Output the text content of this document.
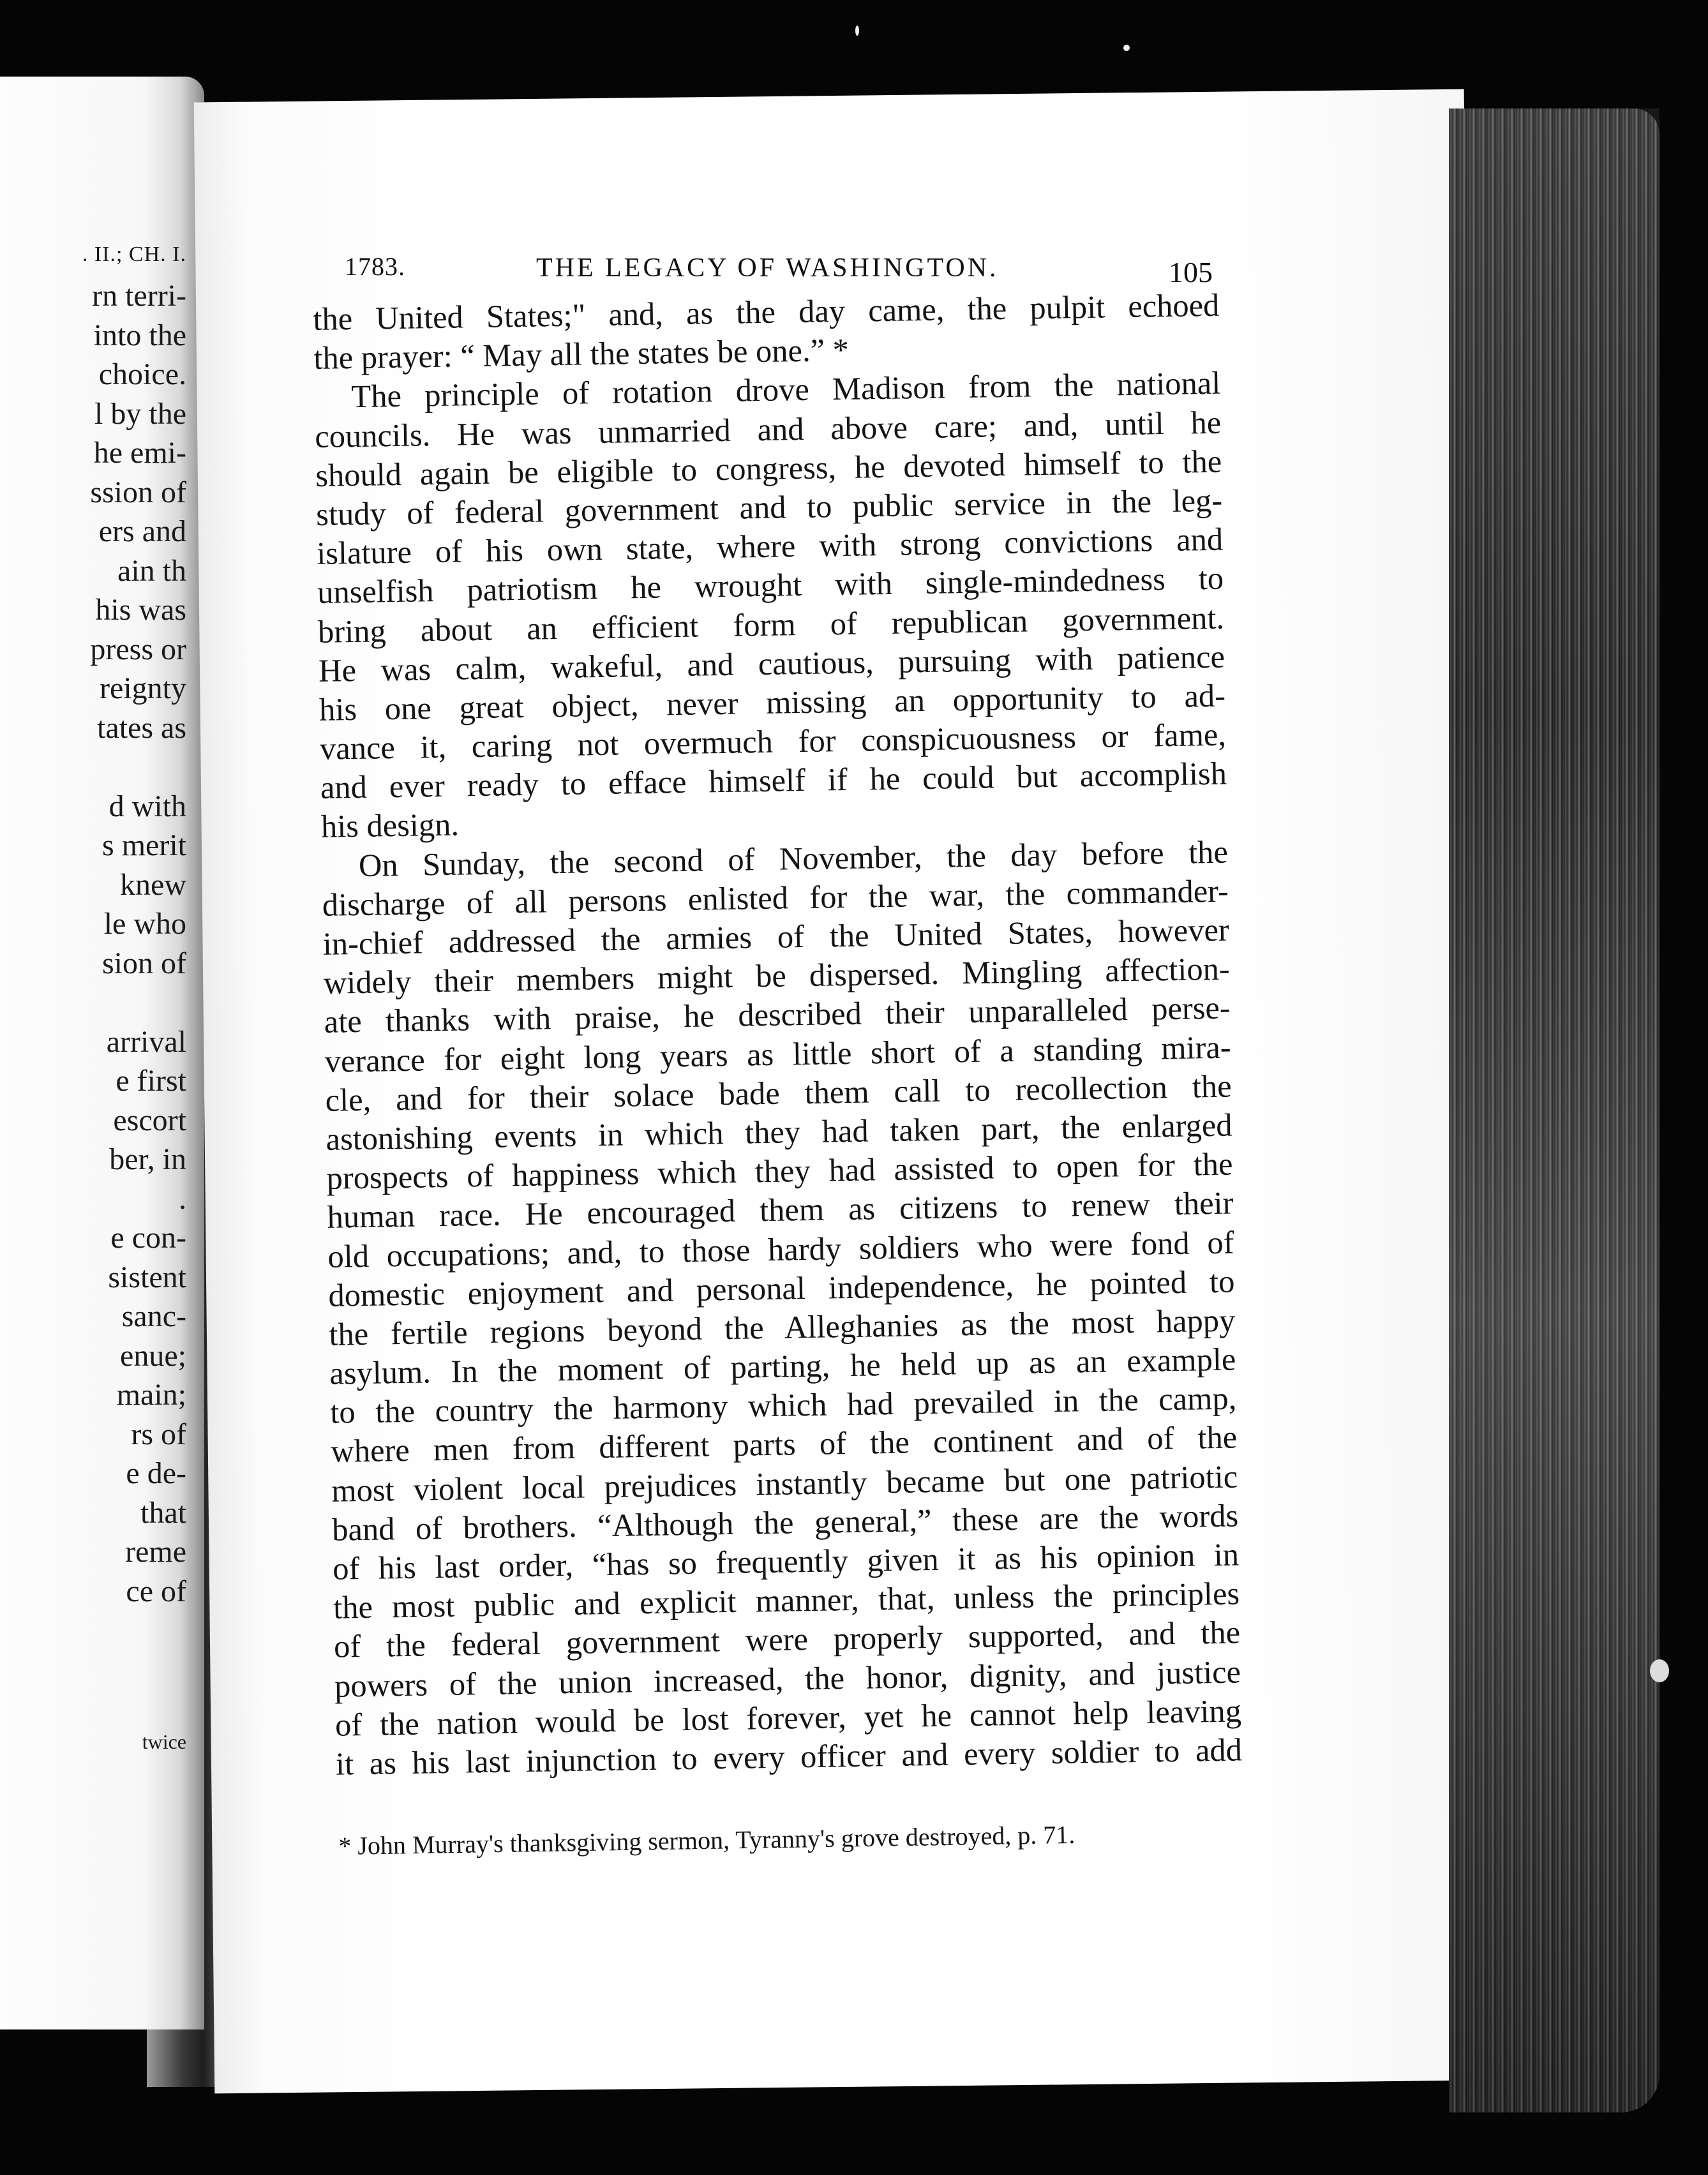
. II.; CH. I.
rn terri-
into the
choice.
l by the
he emi-
ssion of
ers and
ain th
his was
press or
reignty
tates as
d with
s merit
knew
le who
sion of
arrival
e first
escort
ber, in
.
e con-
sistent
sanc-
enue;
main;
rs of
e de-
that
reme
ce of
twice
1783.	THE LEGACY OF WASHINGTON.	105
the United States;" and, as the day came, the pulpit echoed
the prayer: “ May all the states be one.” *
The principle of rotation drove Madison from the national
councils. He was unmarried and above care; and, until he
should again be eligible to congress, he devoted himself to the
study of federal government and to public service in the leg-
islature of his own state, where with strong convictions and
unselfish patriotism he wrought with single-mindedness to
bring about an efficient form of republican government.
He was calm, wakeful, and cautious, pursuing with patience
his one great object, never missing an opportunity to ad-
vance it, caring not overmuch for conspicuousness or fame,
and ever ready to efface himself if he could but accomplish
his design.
On Sunday, the second of November, the day before the
discharge of all persons enlisted for the war, the commander-
in-chief addressed the armies of the United States, however
widely their members might be dispersed. Mingling affection-
ate thanks with praise, he described their unparalleled perse-
verance for eight long years as little short of a standing mira-
cle, and for their solace bade them call to recollection the
astonishing events in which they had taken part, the enlarged
prospects of happiness which they had assisted to open for the
human race. He encouraged them as citizens to renew their
old occupations; and, to those hardy soldiers who were fond of
domestic enjoyment and personal independence, he pointed to
the fertile regions beyond the Alleghanies as the most happy
asylum. In the moment of parting, he held up as an example
to the country the harmony which had prevailed in the camp,
where men from different parts of the continent and of the
most violent local prejudices instantly became but one patriotic
band of brothers. “Although the general,” these are the words
of his last order, “has so frequently given it as his opinion in
the most public and explicit manner, that, unless the principles
of the federal government were properly supported, and the
powers of the union increased, the honor, dignity, and justice
of the nation would be lost forever, yet he cannot help leaving
it as his last injunction to every officer and every soldier to add
* John Murray's thanksgiving sermon, Tyranny's grove destroyed, p. 71.
